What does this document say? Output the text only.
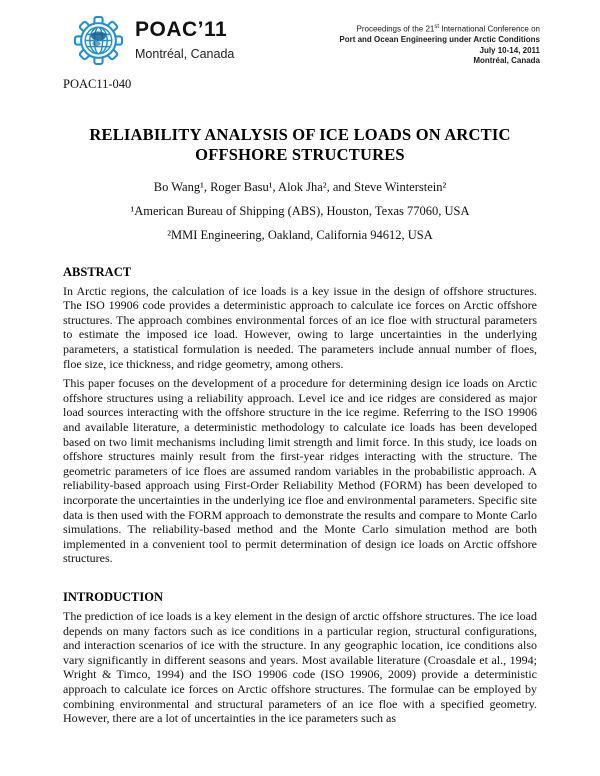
POAC’11
Montréal, Canada
Proceedings of the 21st International Conference on
Port and Ocean Engineering under Arctic Conditions
July 10-14, 2011
Montréal, Canada
POAC11-040
RELIABILITY ANALYSIS OF ICE LOADS ON ARCTIC
OFFSHORE STRUCTURES
Bo Wang¹, Roger Basu¹, Alok Jha², and Steve Winterstein²
¹American Bureau of Shipping (ABS), Houston, Texas 77060, USA
²MMI Engineering, Oakland, California 94612, USA
ABSTRACT

In Arctic regions, the calculation of ice loads is a key issue in the design of offshore structures. The ISO 19906 code provides a deterministic approach to calculate ice forces on Arctic offshore structures. The approach combines environmental forces of an ice floe with structural parameters to estimate the imposed ice load. However, owing to large uncertainties in the underlying parameters, a statistical formulation is needed. The parameters include annual number of floes, floe size, ice thickness, and ridge geometry, among others.

This paper focuses on the development of a procedure for determining design ice loads on Arctic offshore structures using a reliability approach. Level ice and ice ridges are considered as major load sources interacting with the offshore structure in the ice regime. Referring to the ISO 19906 and available literature, a deterministic methodology to calculate ice loads has been developed based on two limit mechanisms including limit strength and limit force. In this study, ice loads on offshore structures mainly result from the first-year ridges interacting with the structure. The geometric parameters of ice floes are assumed random variables in the probabilistic approach. A reliability-based approach using First-Order Reliability Method (FORM) has been developed to incorporate the uncertainties in the underlying ice floe and environmental parameters. Specific site data is then used with the FORM approach to demonstrate the results and compare to Monte Carlo simulations. The reliability-based method and the Monte Carlo simulation method are both implemented in a convenient tool to permit determination of design ice loads on Arctic offshore structures.

INTRODUCTION

The prediction of ice loads is a key element in the design of arctic offshore structures. The ice load depends on many factors such as ice conditions in a particular region, structural configurations, and interaction scenarios of ice with the structure. In any geographic location, ice conditions also vary significantly in different seasons and years. Most available literature (Croasdale et al., 1994; Wright & Timco, 1994) and the ISO 19906 code (ISO 19906, 2009) provide a deterministic approach to calculate ice forces on Arctic offshore structures. The formulae can be employed by combining environmental and structural parameters of an ice floe with a specified geometry. However, there are a lot of uncertainties in the ice parameters such as
